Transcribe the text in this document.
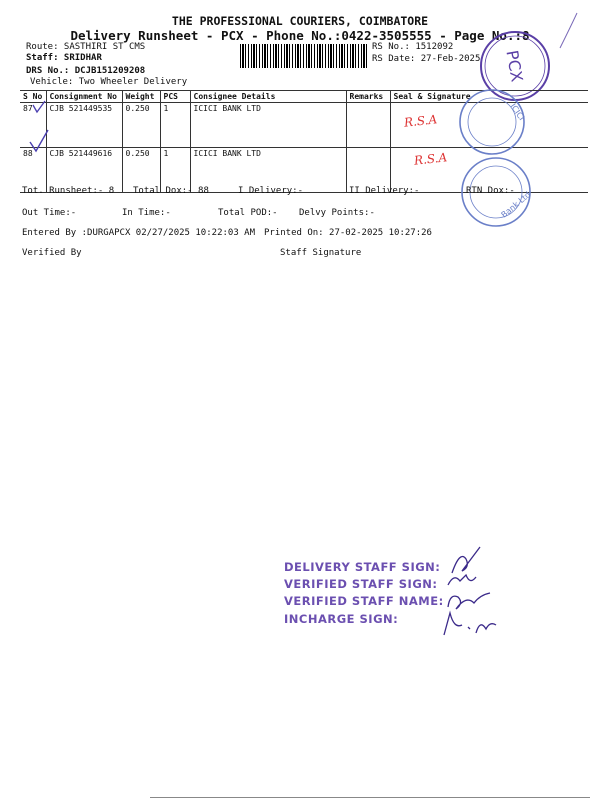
THE PROFESSIONAL COURIERS, COIMBATORE
Delivery Runsheet - PCX - Phone No.:0422-3505555 - Page No.:8
Route: SASTHIRI ST CMS
Staff: SRIDHAR
DRS No.: DCJB151209208
Vehicle: Two Wheeler Delivery
RS No.: 1512092
RS Date: 27-Feb-2025 PCX
S No	Consignment No	Weight	PCS	Consignee Details	Remarks	Seal & Signature
87	CJB 521449535	0.250	1	ICICI BANK LTD		
88	CJB 521449616	0.250	1	ICICI BANK LTD		
R.S.A
R.S.A
ICICI
Bank Ltd
Tot. Runsheet:- 8 Total Dox:- 88	I Delivery:-	II Delivery:-	RTN Dox:-
Out Time:-	In Time:-	Total POD:- Delvy Points:-
Entered By :DURGAPCX 02/27/2025 10:22:03 AM Printed On: 27-02-2025 10:27:26
Verified By	Staff Signature
DELIVERY STAFF SIGN:
VERIFIED STAFF SIGN:
VERIFIED STAFF NAME:
INCHARGE SIGN:
